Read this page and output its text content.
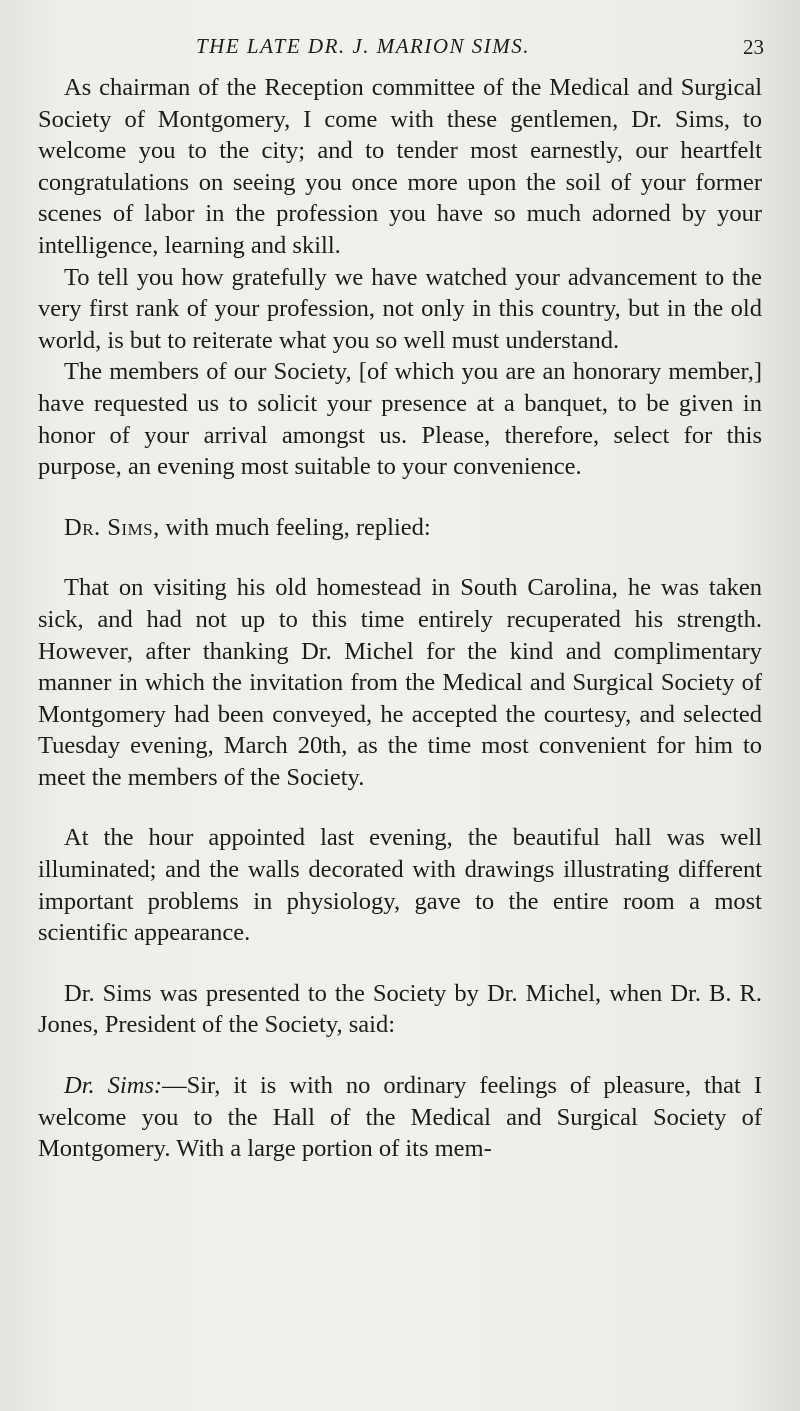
THE LATE DR. J. MARION SIMS.	23

As chairman of the Reception committee of the Medical and Surgical Society of Montgomery, I come with these gentlemen, Dr. Sims, to welcome you to the city; and to tender most earnestly, our heartfelt congratulations on seeing you once more upon the soil of your former scenes of labor in the profession you have so much adorned by your intelligence, learning and skill.

To tell you how gratefully we have watched your advancement to the very first rank of your profession, not only in this country, but in the old world, is but to reiterate what you so well must understand.

The members of our Society, [of which you are an honorary member,] have requested us to solicit your presence at a banquet, to be given in honor of your arrival amongst us. Please, therefore, select for this purpose, an evening most suitable to your convenience.

Dr. Sims, with much feeling, replied:

That on visiting his old homestead in South Carolina, he was taken sick, and had not up to this time entirely recuperated his strength. However, after thanking Dr. Michel for the kind and complimentary manner in which the invitation from the Medical and Surgical Society of Montgomery had been conveyed, he accepted the courtesy, and selected Tuesday evening, March 20th, as the time most convenient for him to meet the members of the Society.

At the hour appointed last evening, the beautiful hall was well illuminated; and the walls decorated with drawings illustrating different important problems in physiology, gave to the entire room a most scientific appearance.

Dr. Sims was presented to the Society by Dr. Michel, when Dr. B. R. Jones, President of the Society, said:

Dr. Sims:—Sir, it is with no ordinary feelings of pleasure, that I welcome you to the Hall of the Medical and Surgical Society of Montgomery. With a large portion of its mem-
